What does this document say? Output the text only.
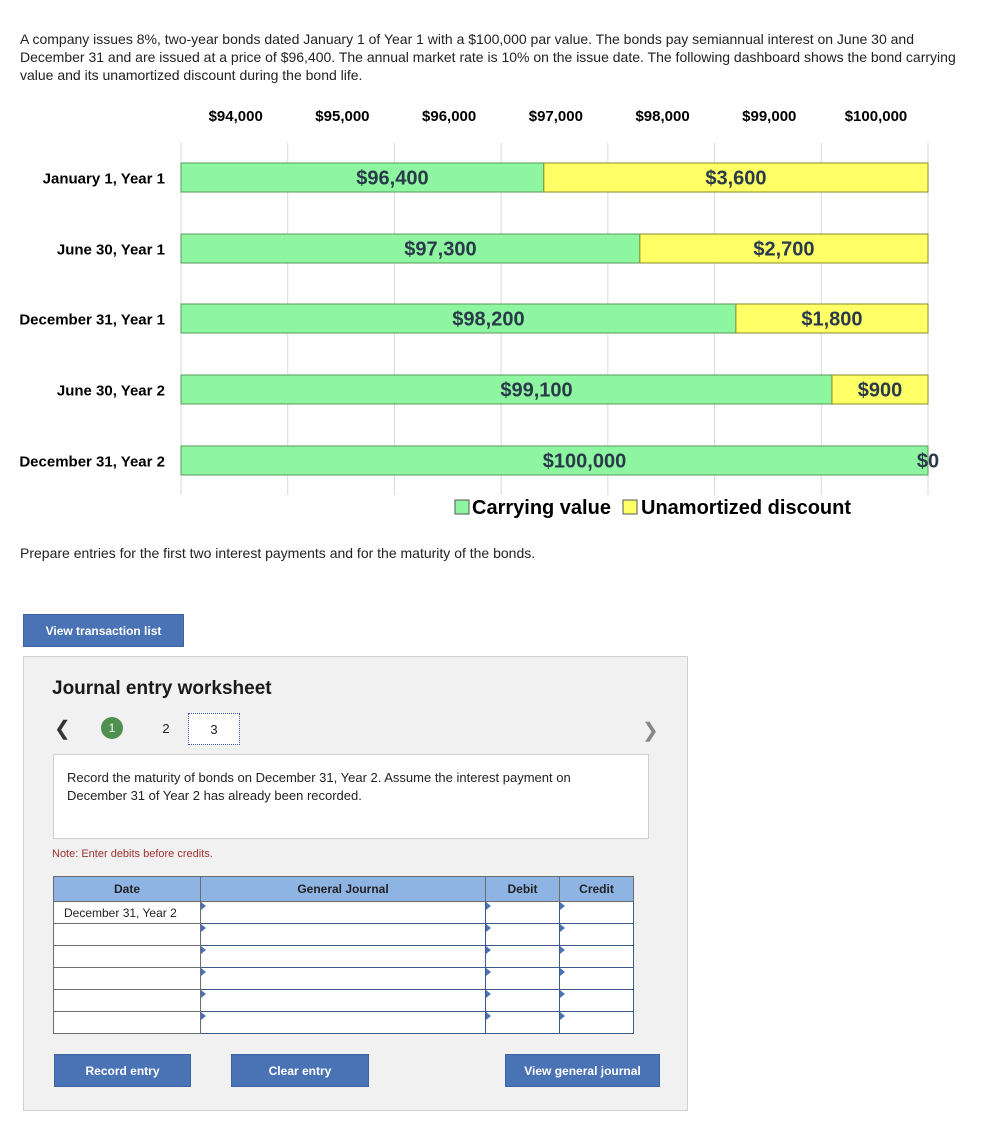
A company issues 8%, two-year bonds dated January 1 of Year 1 with a $100,000 par value. The bonds pay semiannual interest on June 30 and December 31 and are issued at a price of $96,400. The annual market rate is 10% on the issue date. The following dashboard shows the bond carrying value and its unamortized discount during the bond life.

$94,000	$95,000	$96,000	$97,000	$98,000	$99,000	$100,000
January 1, Year 1	$96,400	$3,600
June 30, Year 1	$97,300	$2,700
December 31, Year 1	$98,200	$1,800
June 30, Year 2	$99,100	$900
December 31, Year 2	$100,000	$0
Carrying value Unamortized discount

Prepare entries for the first two interest payments and for the maturity of the bonds.

View transaction list
Journal entry worksheet
❮	1	2	3	❯

Record the maturity of bonds on December 31, Year 2. Assume the interest payment on December 31 of Year 2 has already been recorded.

Note: Enter debits before credits.

Date	General Journal	Debit	Credit
December 31, Year 2	

Record entry	Clear entry	View general journal
